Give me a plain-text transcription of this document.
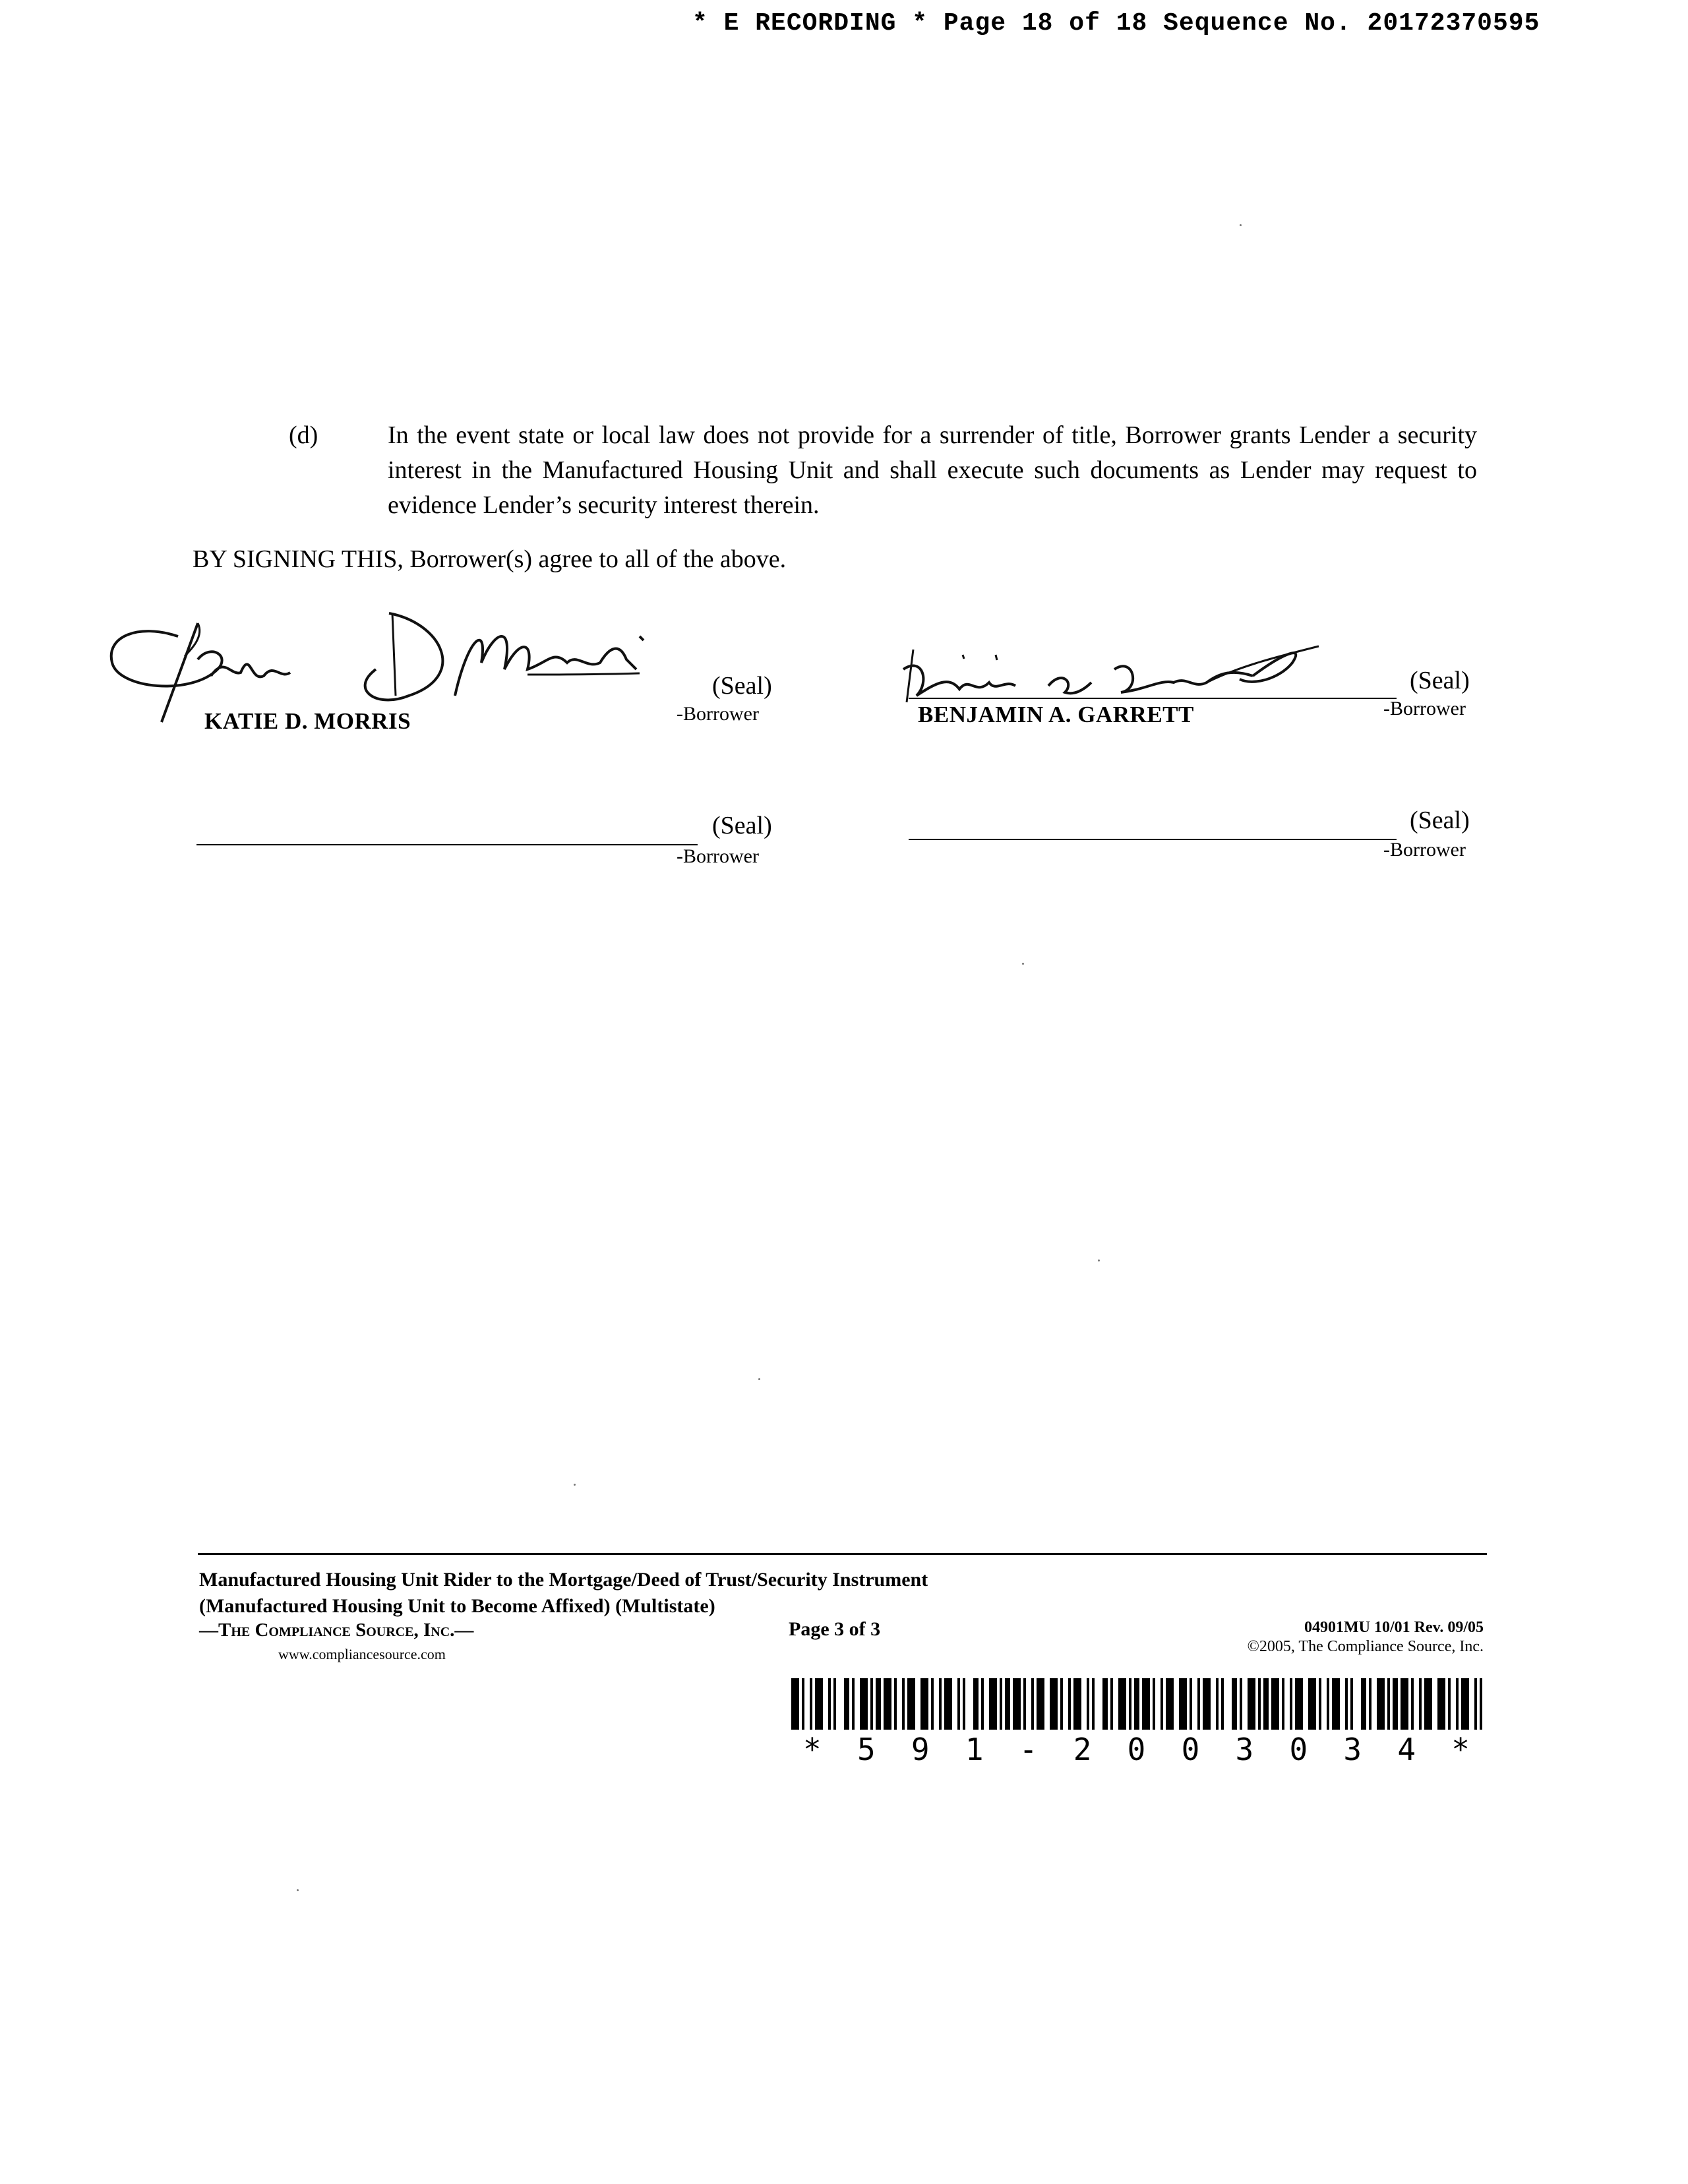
* E RECORDING * Page 18 of 18 Sequence No. 20172370595
(d)	In the event state or local law does not provide for a surrender of title, Borrower grants Lender a security interest in the Manufactured Housing Unit and shall execute such documents as Lender may request to evidence Lender’s security interest therein.
BY SIGNING THIS, Borrower(s) agree to all of the above.
KATIE D. MORRIS
(Seal)
-Borrower	BENJAMIN A. GARRETT
(Seal)
-Borrower
(Seal)
-Borrower
(Seal)
-Borrower
Manufactured Housing Unit Rider to the Mortgage/Deed of Trust/Security Instrument
(Manufactured Housing Unit to Become Affixed) (Multistate)
—The Compliance Source, Inc.—
www.compliancesource.com
Page 3 of 3	04901MU 10/01 Rev. 09/05
©2005, The Compliance Source, Inc.
* 5 9 1 - 2 0 0 3 0 3 4 *
